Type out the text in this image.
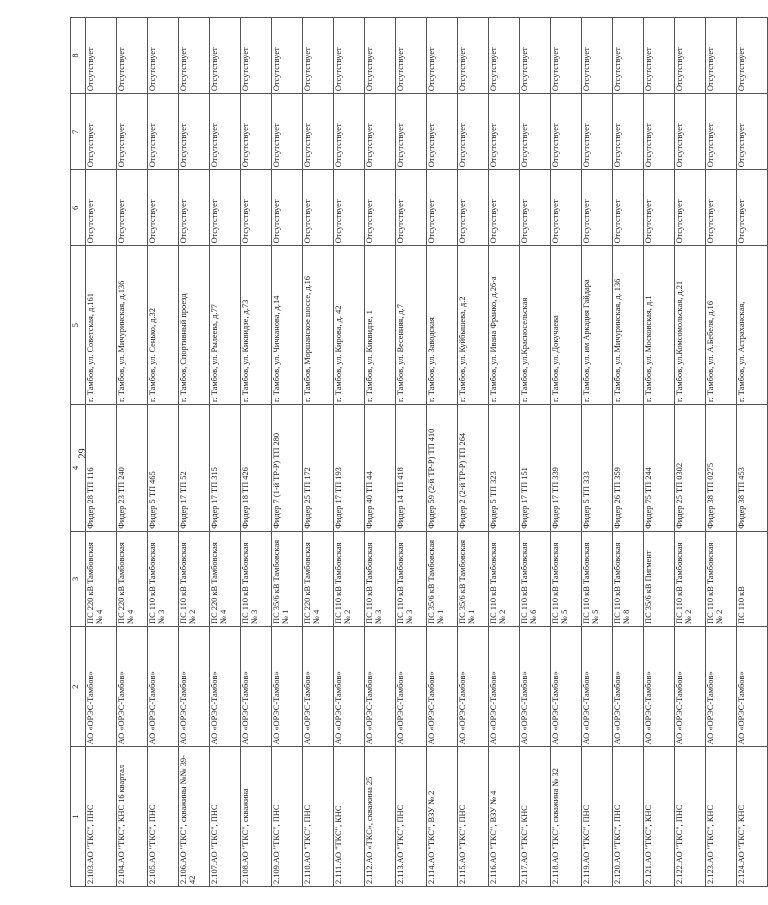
29
1	2	3	4	5	6	7	8
2.103.АО "ТКС", ПНС	АО «ОРЭС-Тамбов»	ПС 220 кВ Тамбовская № 4	Фидер 28 ТП 116	г. Тамбов, ул. Советская, д.161	Отсутствует	Отсутствует	Отсутствует
2.104.АО "ТКС", КНС 16 квартал	АО «ОРЭС-Тамбов»	ПС 220 кВ Тамбовская № 4	Фидер 23 ТП 240	г. Тамбов, ул. Мичуринская, д.136	Отсутствует	Отсутствует	Отсутствует
2.105.АО "ТКС", ПНС	АО «ОРЭС-Тамбов»	ПС 110 кВ Тамбовская № 3	Фидер 5 ТП 465	г. Тамбов, ул. Сенько, д.32	Отсутствует	Отсутствует	Отсутствует
2.106.АО "ТКС", скважины №№ 39-42	АО «ОРЭС-Тамбов»	ПС 110 кВ Тамбовская № 2	Фидер 17 ТП 52	г. Тамбов, Спортивный проезд	Отсутствует	Отсутствует	Отсутствует
2.107.АО "ТКС", ПНС	АО «ОРЭС-Тамбов»	ПС 220 кВ Тамбовская № 4	Фидер 17 ТП 315	г. Тамбов, ул. Рылеева, д.77	Отсутствует	Отсутствует	Отсутствует
2.108.АО "ТКС", скважина	АО «ОРЭС-Тамбов»	ПС 110 кВ Тамбовская № 3	Фидер 18 ТП 426	г. Тамбов, ул. Киквидзе, д.73	Отсутствует	Отсутствует	Отсутствует
2.109.АО "ТКС", ПНС	АО «ОРЭС-Тамбов»	ПС 35/6 кВ Тамбовская № 1	Фидер 7 (1-й ТР-Р) ТП 280	г. Тамбов, ул. Чичканова, д.14	Отсутствует	Отсутствует	Отсутствует
2.110.АО "ТКС", ПНС	АО «ОРЭС-Тамбов»	ПС 220 кВ Тамбовская № 4	Фидер 25 ТП 172	г. Тамбов, Моршанское шоссе, д.16	Отсутствует	Отсутствует	Отсутствует
2.111.АО "ТКС", КНС	АО «ОРЭС-Тамбов»	ПС 110 кВ Тамбовская № 2	Фидер 17 ТП 193	г. Тамбов, ул. Кирова, д. 42	Отсутствует	Отсутствует	Отсутствует
2.112.АО «ТКС», скважина 25	АО «ОРЭС-Тамбов»	ПС 110 кВ Тамбовская № 3	Фидер 40 ТП 44	г. Тамбов, ул. Киквидзе, 1	Отсутствует	Отсутствует	Отсутствует
2.113.АО "ТКС", ПНС	АО «ОРЭС-Тамбов»	ПС 110 кВ Тамбовская № 3	Фидер 14 ТП 418	г. Тамбов, ул. Весенняя, д.7	Отсутствует	Отсутствует	Отсутствует
2.114.АО "ТКС", ВЗУ № 2	АО «ОРЭС-Тамбов»	ПС 35/6 кВ Тамбовская № 1	Фидер 59 (2-й ТР-Р) ТП 410	г. Тамбов, ул. Заводская	Отсутствует	Отсутствует	Отсутствует
2.115.АО "ТКС", ПНС	АО «ОРЭС-Тамбов»	ПС 35/6 кВ Тамбовская № 1	Фидер 2 (2-й ТР-Р) ТП 264	г. Тамбов, ул. Куйбышева, д.2	Отсутствует	Отсутствует	Отсутствует
2.116.АО "ТКС", ВЗУ № 4	АО «ОРЭС-Тамбов»	ПС 110 кВ Тамбовская № 2	Фидер 5 ТП 323	г. Тамбов, ул. Ивана Франко, д.26-а	Отсутствует	Отсутствует	Отсутствует
2.117.АО "ТКС", КНС	АО «ОРЭС-Тамбов»	ПС 110 кВ Тамбовская № 6	Фидер 17 ТП 151	г. Тамбов, ул.Красносельская	Отсутствует	Отсутствует	Отсутствует
2.118.АО "ТКС", скважина № 32	АО «ОРЭС-Тамбов»	ПС 110 кВ Тамбовская № 5	Фидер 17 ТП 339	г. Тамбов, ул. Докучаева	Отсутствует	Отсутствует	Отсутствует
2.119.АО "ТКС", ПНС	АО «ОРЭС-Тамбов»	ПС 110 кВ Тамбовская № 5	Фидер 5 ТП 333	г. Тамбов, ул. им Аркадия Гайдара	Отсутствует	Отсутствует	Отсутствует
2.120.АО "ТКС", ПНС	АО «ОРЭС-Тамбов»	ПС 110 кВ Тамбовская № 8	Фидер 26 ТП 359	г. Тамбов, ул. Мичуринская, д. 136	Отсутствует	Отсутствует	Отсутствует
2.121.АО "ТКС", КНС	АО «ОРЭС-Тамбов»	ПС 35/6 кВ Пигмент	Фидер 75 ТП 244	г. Тамбов, ул. Московская, д.1	Отсутствует	Отсутствует	Отсутствует
2.122.АО "ТКС", ПНС	АО «ОРЭС-Тамбов»	ПС 110 кВ Тамбовская № 2	Фидер 25 ТП 0302	г. Тамбов, ул.Комсомольская, д.21	Отсутствует	Отсутствует	Отсутствует
2.123.АО "ТКС", КНС	АО «ОРЭС-Тамбов»	ПС 110 кВ Тамбовская № 2	Фидер 38 ТП 0275	г. Тамбов, ул. А.Бебеля, д.16	Отсутствует	Отсутствует	Отсутствует
2.124.АО "ТКС", КНС	АО «ОРЭС-Тамбов»	ПС 110 кВ	Фидер 38 ТП 453	г. Тамбов, ул. Астраханская,	Отсутствует	Отсутствует	Отсутствует
